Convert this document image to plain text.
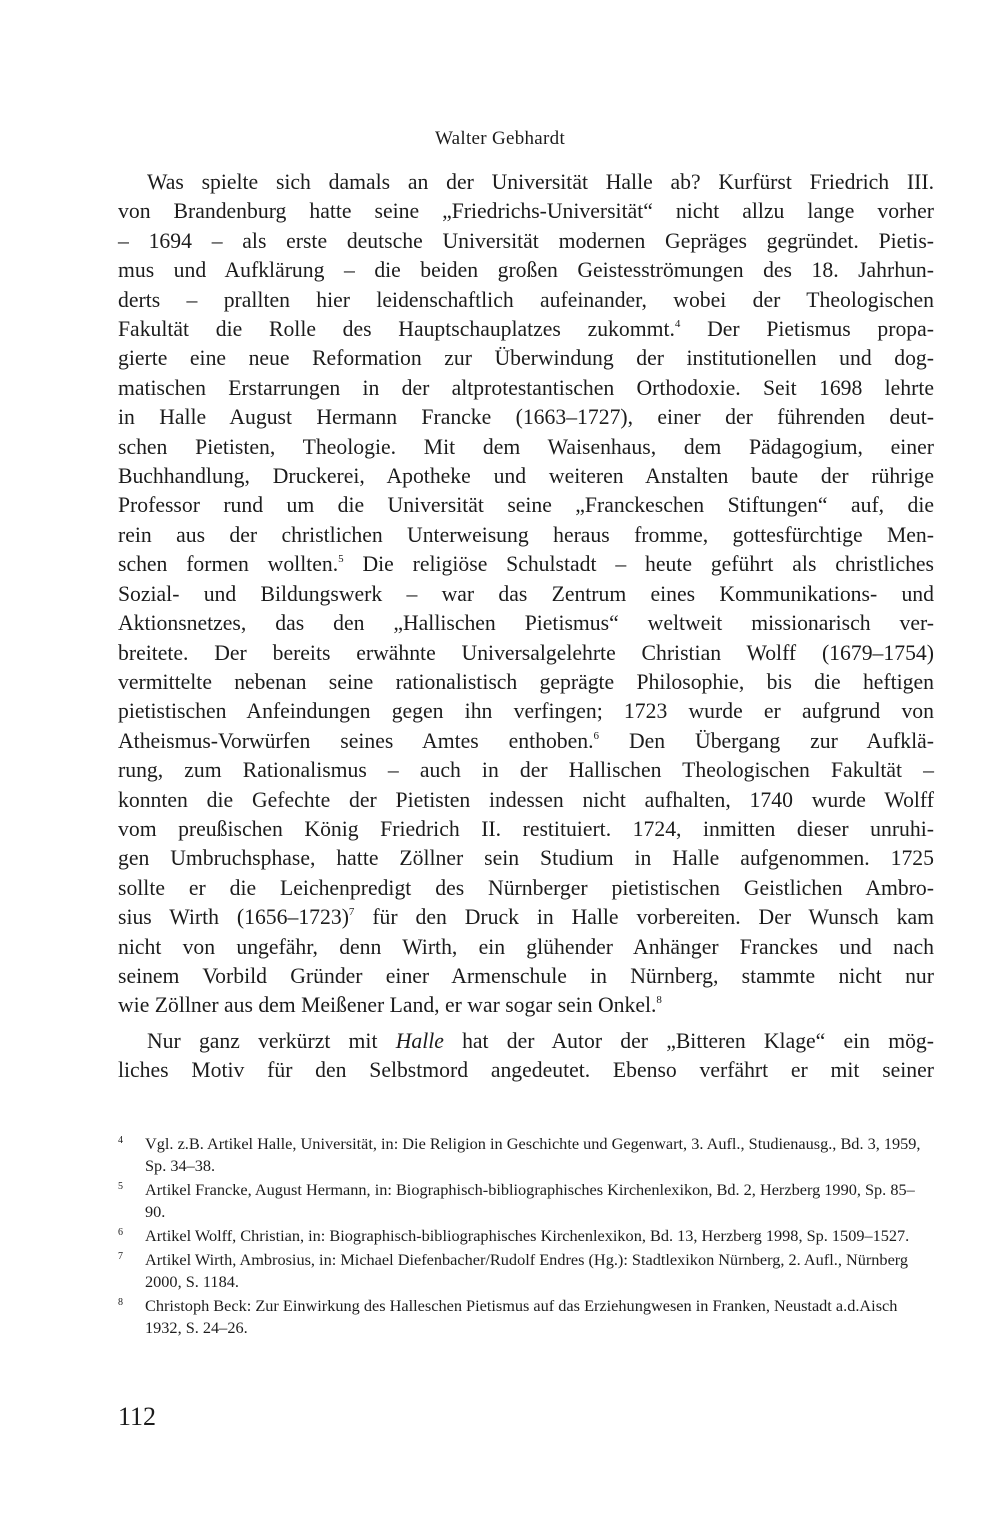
Walter Gebhardt
Was spielte sich damals an der Universität Halle ab? Kurfürst Friedrich III.
von Brandenburg hatte seine „Friedrichs-Universität“ nicht allzu lange vorher
– 1694 – als erste deutsche Universität modernen Gepräges gegründet. Pietis-
mus und Aufklärung – die beiden großen Geistesströmungen des 18. Jahrhun-
derts – prallten hier leidenschaftlich aufeinander, wobei der Theologischen
Fakultät die Rolle des Hauptschauplatzes zukommt.$^4$ Der Pietismus propa-
gierte eine neue Reformation zur Überwindung der institutionellen und dog-
matischen Erstarrungen in der altprotestantischen Orthodoxie. Seit 1698 lehrte
in Halle August Hermann Francke (1663–1727), einer der führenden deut-
schen Pietisten, Theologie. Mit dem Waisenhaus, dem Pädagogium, einer
Buchhandlung, Druckerei, Apotheke und weiteren Anstalten baute der rührige
Professor rund um die Universität seine „Franckeschen Stiftungen“ auf, die
rein aus der christlichen Unterweisung heraus fromme, gottesfürchtige Men-
schen formen wollten.$^5$ Die religiöse Schulstadt – heute geführt als christliches
Sozial- und Bildungswerk – war das Zentrum eines Kommunikations- und
Aktionsnetzes, das den „Hallischen Pietismus“ weltweit missionarisch ver-
breitete. Der bereits erwähnte Universalgelehrte Christian Wolff (1679–1754)
vermittelte nebenan seine rationalistisch geprägte Philosophie, bis die heftigen
pietistischen Anfeindungen gegen ihn verfingen; 1723 wurde er aufgrund von
Atheismus-Vorwürfen seines Amtes enthoben.$^6$ Den Übergang zur Aufklä-
rung, zum Rationalismus – auch in der Hallischen Theologischen Fakultät –
konnten die Gefechte der Pietisten indessen nicht aufhalten, 1740 wurde Wolff
vom preußischen König Friedrich II. restituiert. 1724, inmitten dieser unruhi-
gen Umbruchsphase, hatte Zöllner sein Studium in Halle aufgenommen. 1725
sollte er die Leichenpredigt des Nürnberger pietistischen Geistlichen Ambro-
sius Wirth (1656–1723)$^7$ für den Druck in Halle vorbereiten. Der Wunsch kam
nicht von ungefähr, denn Wirth, ein glühender Anhänger Franckes und nach
seinem Vorbild Gründer einer Armenschule in Nürnberg, stammte nicht nur
wie Zöllner aus dem Meißener Land, er war sogar sein Onkel.$^8$
Nur ganz verkürzt mit Halle hat der Autor der „Bitteren Klage“ ein mög-
liches Motiv für den Selbstmord angedeutet. Ebenso verfährt er mit seiner
4 Vgl. z.B. Artikel Halle, Universität, in: Die Religion in Geschichte und Gegenwart, 3. Aufl., Studienausg., Bd. 3, 1959, Sp. 34–38.
5 Artikel Francke, August Hermann, in: Biographisch-bibliographisches Kirchenlexikon, Bd. 2, Herzberg 1990, Sp. 85–90.
6 Artikel Wolff, Christian, in: Biographisch-bibliographisches Kirchenlexikon, Bd. 13, Herzberg 1998, Sp. 1509–1527.
7 Artikel Wirth, Ambrosius, in: Michael Diefenbacher/Rudolf Endres (Hg.): Stadtlexikon Nürnberg, 2. Aufl., Nürnberg 2000, S. 1184.
8 Christoph Beck: Zur Einwirkung des Halleschen Pietismus auf das Erziehungwesen in Franken, Neustadt a.d.Aisch 1932, S. 24–26.
112
